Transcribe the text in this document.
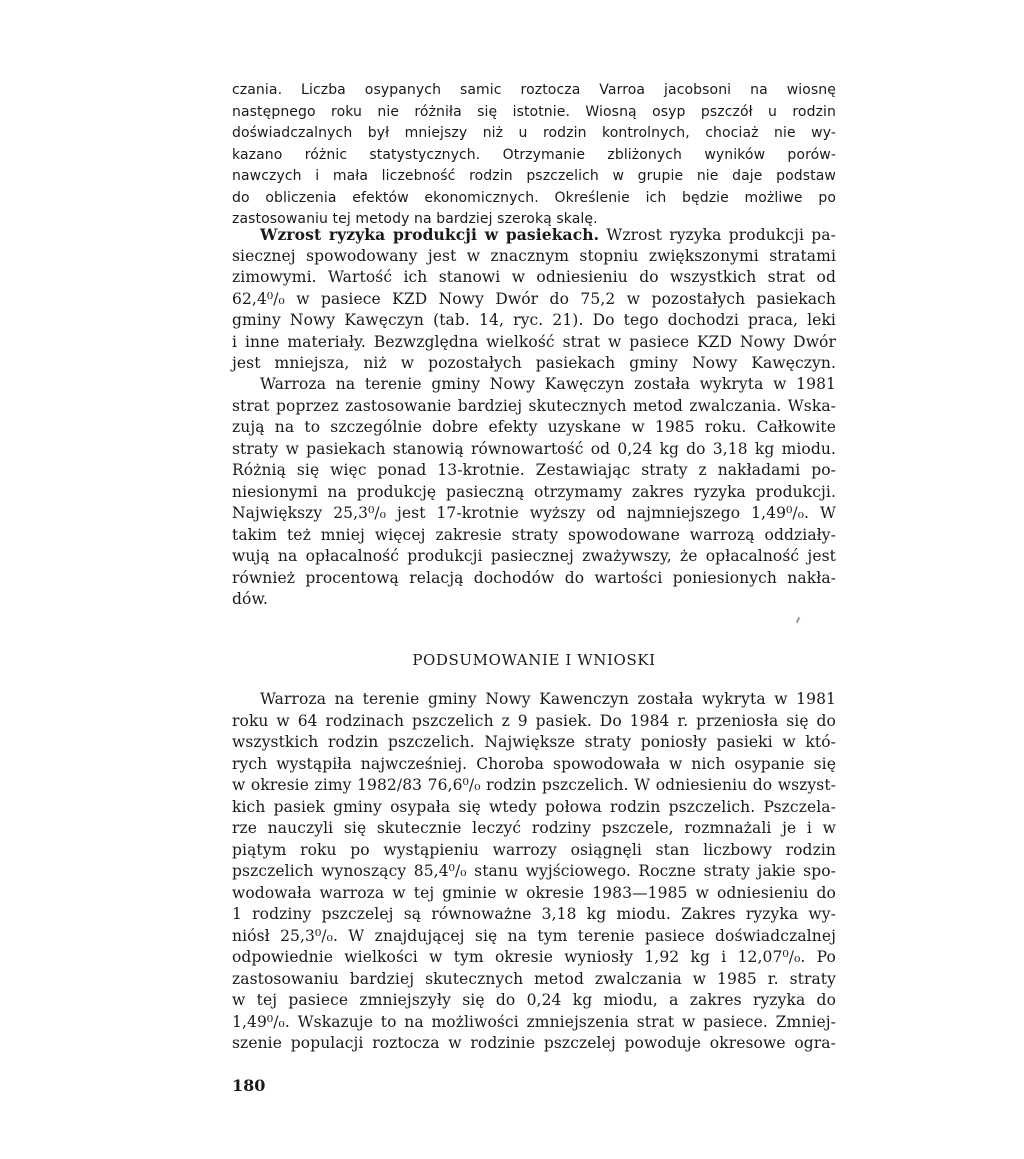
czania. Liczba osypanych samic roztocza Varroa jacobsoni na wiosnę
następnego roku nie różniła się istotnie. Wiosną osyp pszczół u rodzin
doświadczalnych był mniejszy niż u rodzin kontrolnych, chociaż nie wy-
kazano różnic statystycznych. Otrzymanie zbliżonych wyników porów-
nawczych i mała liczebność rodzin pszczelich w grupie nie daje podstaw
do obliczenia efektów ekonomicznych. Określenie ich będzie możliwe po
zastosowaniu tej metody na bardziej szeroką skalę.
Wzrost ryzyka produkcji w pasiekach. Wzrost ryzyka produkcji pa-
siecznej spowodowany jest w znacznym stopniu zwiększonymi stratami
zimowymi. Wartość ich stanowi w odniesieniu do wszystkich strat od
62,4⁰/₀ w pasiece KZD Nowy Dwór do 75,2 w pozostałych pasiekach
gminy Nowy Kawęczyn (tab. 14, ryc. 21). Do tego dochodzi praca, leki
i inne materiały. Bezwzględna wielkość strat w pasiece KZD Nowy Dwór
jest mniejsza, niż w pozostałych pasiekach gminy Nowy Kawęczyn.
Warroza na terenie gminy Nowy Kawęczyn została wykryta w 1981
strat poprzez zastosowanie bardziej skutecznych metod zwalczania. Wska-
zują na to szczególnie dobre efekty uzyskane w 1985 roku. Całkowite
straty w pasiekach stanowią równowartość od 0,24 kg do 3,18 kg miodu.
Różnią się więc ponad 13-krotnie. Zestawiając straty z nakładami po-
niesionymi na produkcję pasieczną otrzymamy zakres ryzyka produkcji.
Największy 25,3⁰/₀ jest 17-krotnie wyższy od najmniejszego 1,49⁰/₀. W
takim też mniej więcej zakresie straty spowodowane warrozą oddziały-
wują na opłacalność produkcji pasiecznej zważywszy, że opłacalność jest
również procentową relacją dochodów do wartości poniesionych nakła-
dów.
PODSUMOWANIE I WNIOSKI
Warroza na terenie gminy Nowy Kawenczyn została wykryta w 1981
roku w 64 rodzinach pszczelich z 9 pasiek. Do 1984 r. przeniosła się do
wszystkich rodzin pszczelich. Największe straty poniosły pasieki w któ-
rych wystąpiła najwcześniej. Choroba spowodowała w nich osypanie się
w okresie zimy 1982/83 76,6⁰/₀ rodzin pszczelich. W odniesieniu do wszyst-
kich pasiek gminy osypała się wtedy połowa rodzin pszczelich. Pszczela-
rze nauczyli się skutecznie leczyć rodziny pszczele, rozmnażali je i w
piątym roku po wystąpieniu warrozy osiągnęli stan liczbowy rodzin
pszczelich wynoszący 85,4⁰/₀ stanu wyjściowego. Roczne straty jakie spo-
wodowała warroza w tej gminie w okresie 1983—1985 w odniesieniu do
1 rodziny pszczelej są równoważne 3,18 kg miodu. Zakres ryzyka wy-
niósł 25,3⁰/₀. W znajdującej się na tym terenie pasiece doświadczalnej
odpowiednie wielkości w tym okresie wyniosły 1,92 kg i 12,07⁰/₀. Po
zastosowaniu bardziej skutecznych metod zwalczania w 1985 r. straty
w tej pasiece zmniejszyły się do 0,24 kg miodu, a zakres ryzyka do
1,49⁰/₀. Wskazuje to na możliwości zmniejszenia strat w pasiece. Zmniej-
szenie populacji roztocza w rodzinie pszczelej powoduje okresowe ogra-
180
